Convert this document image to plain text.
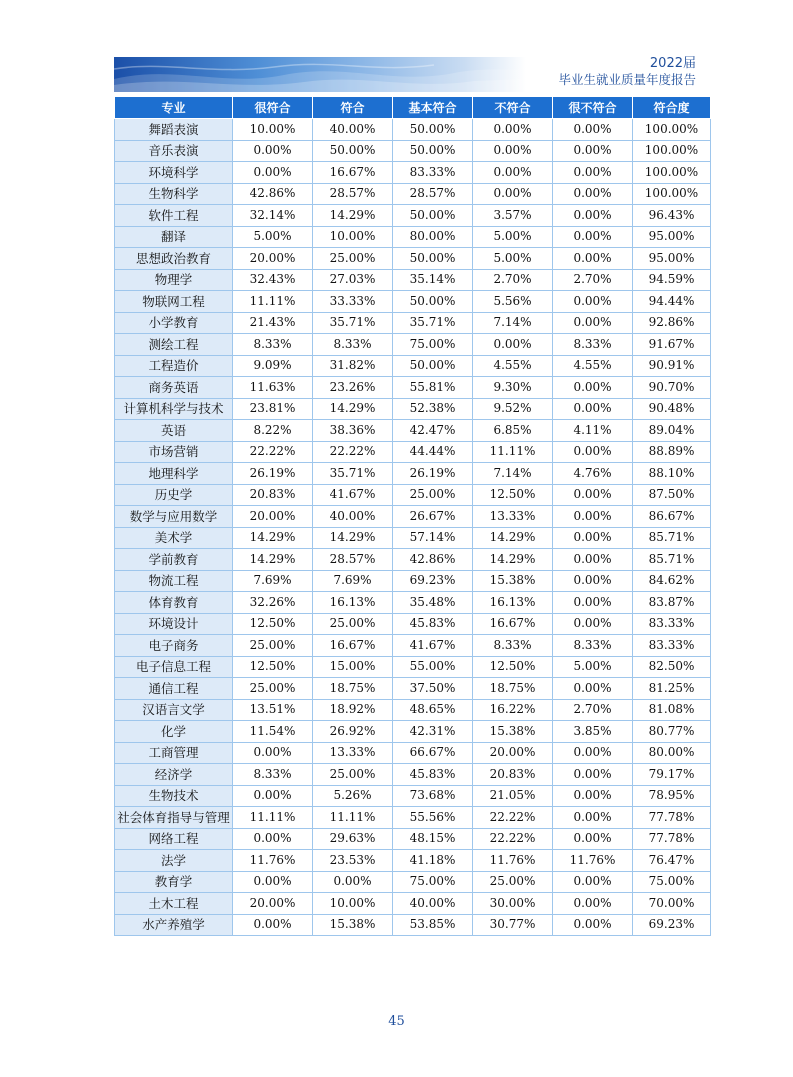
2022届
毕业生就业质量年度报告
专业	很符合	符合	基本符合	不符合	很不符合	符合度
舞蹈表演	10.00%	40.00%	50.00%	0.00%	0.00%	100.00%
音乐表演	0.00%	50.00%	50.00%	0.00%	0.00%	100.00%
环境科学	0.00%	16.67%	83.33%	0.00%	0.00%	100.00%
生物科学	42.86%	28.57%	28.57%	0.00%	0.00%	100.00%
软件工程	32.14%	14.29%	50.00%	3.57%	0.00%	96.43%
翻译	5.00%	10.00%	80.00%	5.00%	0.00%	95.00%
思想政治教育	20.00%	25.00%	50.00%	5.00%	0.00%	95.00%
物理学	32.43%	27.03%	35.14%	2.70%	2.70%	94.59%
物联网工程	11.11%	33.33%	50.00%	5.56%	0.00%	94.44%
小学教育	21.43%	35.71%	35.71%	7.14%	0.00%	92.86%
测绘工程	8.33%	8.33%	75.00%	0.00%	8.33%	91.67%
工程造价	9.09%	31.82%	50.00%	4.55%	4.55%	90.91%
商务英语	11.63%	23.26%	55.81%	9.30%	0.00%	90.70%
计算机科学与技术	23.81%	14.29%	52.38%	9.52%	0.00%	90.48%
英语	8.22%	38.36%	42.47%	6.85%	4.11%	89.04%
市场营销	22.22%	22.22%	44.44%	11.11%	0.00%	88.89%
地理科学	26.19%	35.71%	26.19%	7.14%	4.76%	88.10%
历史学	20.83%	41.67%	25.00%	12.50%	0.00%	87.50%
数学与应用数学	20.00%	40.00%	26.67%	13.33%	0.00%	86.67%
美术学	14.29%	14.29%	57.14%	14.29%	0.00%	85.71%
学前教育	14.29%	28.57%	42.86%	14.29%	0.00%	85.71%
物流工程	7.69%	7.69%	69.23%	15.38%	0.00%	84.62%
体育教育	32.26%	16.13%	35.48%	16.13%	0.00%	83.87%
环境设计	12.50%	25.00%	45.83%	16.67%	0.00%	83.33%
电子商务	25.00%	16.67%	41.67%	8.33%	8.33%	83.33%
电子信息工程	12.50%	15.00%	55.00%	12.50%	5.00%	82.50%
通信工程	25.00%	18.75%	37.50%	18.75%	0.00%	81.25%
汉语言文学	13.51%	18.92%	48.65%	16.22%	2.70%	81.08%
化学	11.54%	26.92%	42.31%	15.38%	3.85%	80.77%
工商管理	0.00%	13.33%	66.67%	20.00%	0.00%	80.00%
经济学	8.33%	25.00%	45.83%	20.83%	0.00%	79.17%
生物技术	0.00%	5.26%	73.68%	21.05%	0.00%	78.95%
社会体育指导与管理	11.11%	11.11%	55.56%	22.22%	0.00%	77.78%
网络工程	0.00%	29.63%	48.15%	22.22%	0.00%	77.78%
法学	11.76%	23.53%	41.18%	11.76%	11.76%	76.47%
教育学	0.00%	0.00%	75.00%	25.00%	0.00%	75.00%
土木工程	20.00%	10.00%	40.00%	30.00%	0.00%	70.00%
水产养殖学	0.00%	15.38%	53.85%	30.77%	0.00%	69.23%
45
